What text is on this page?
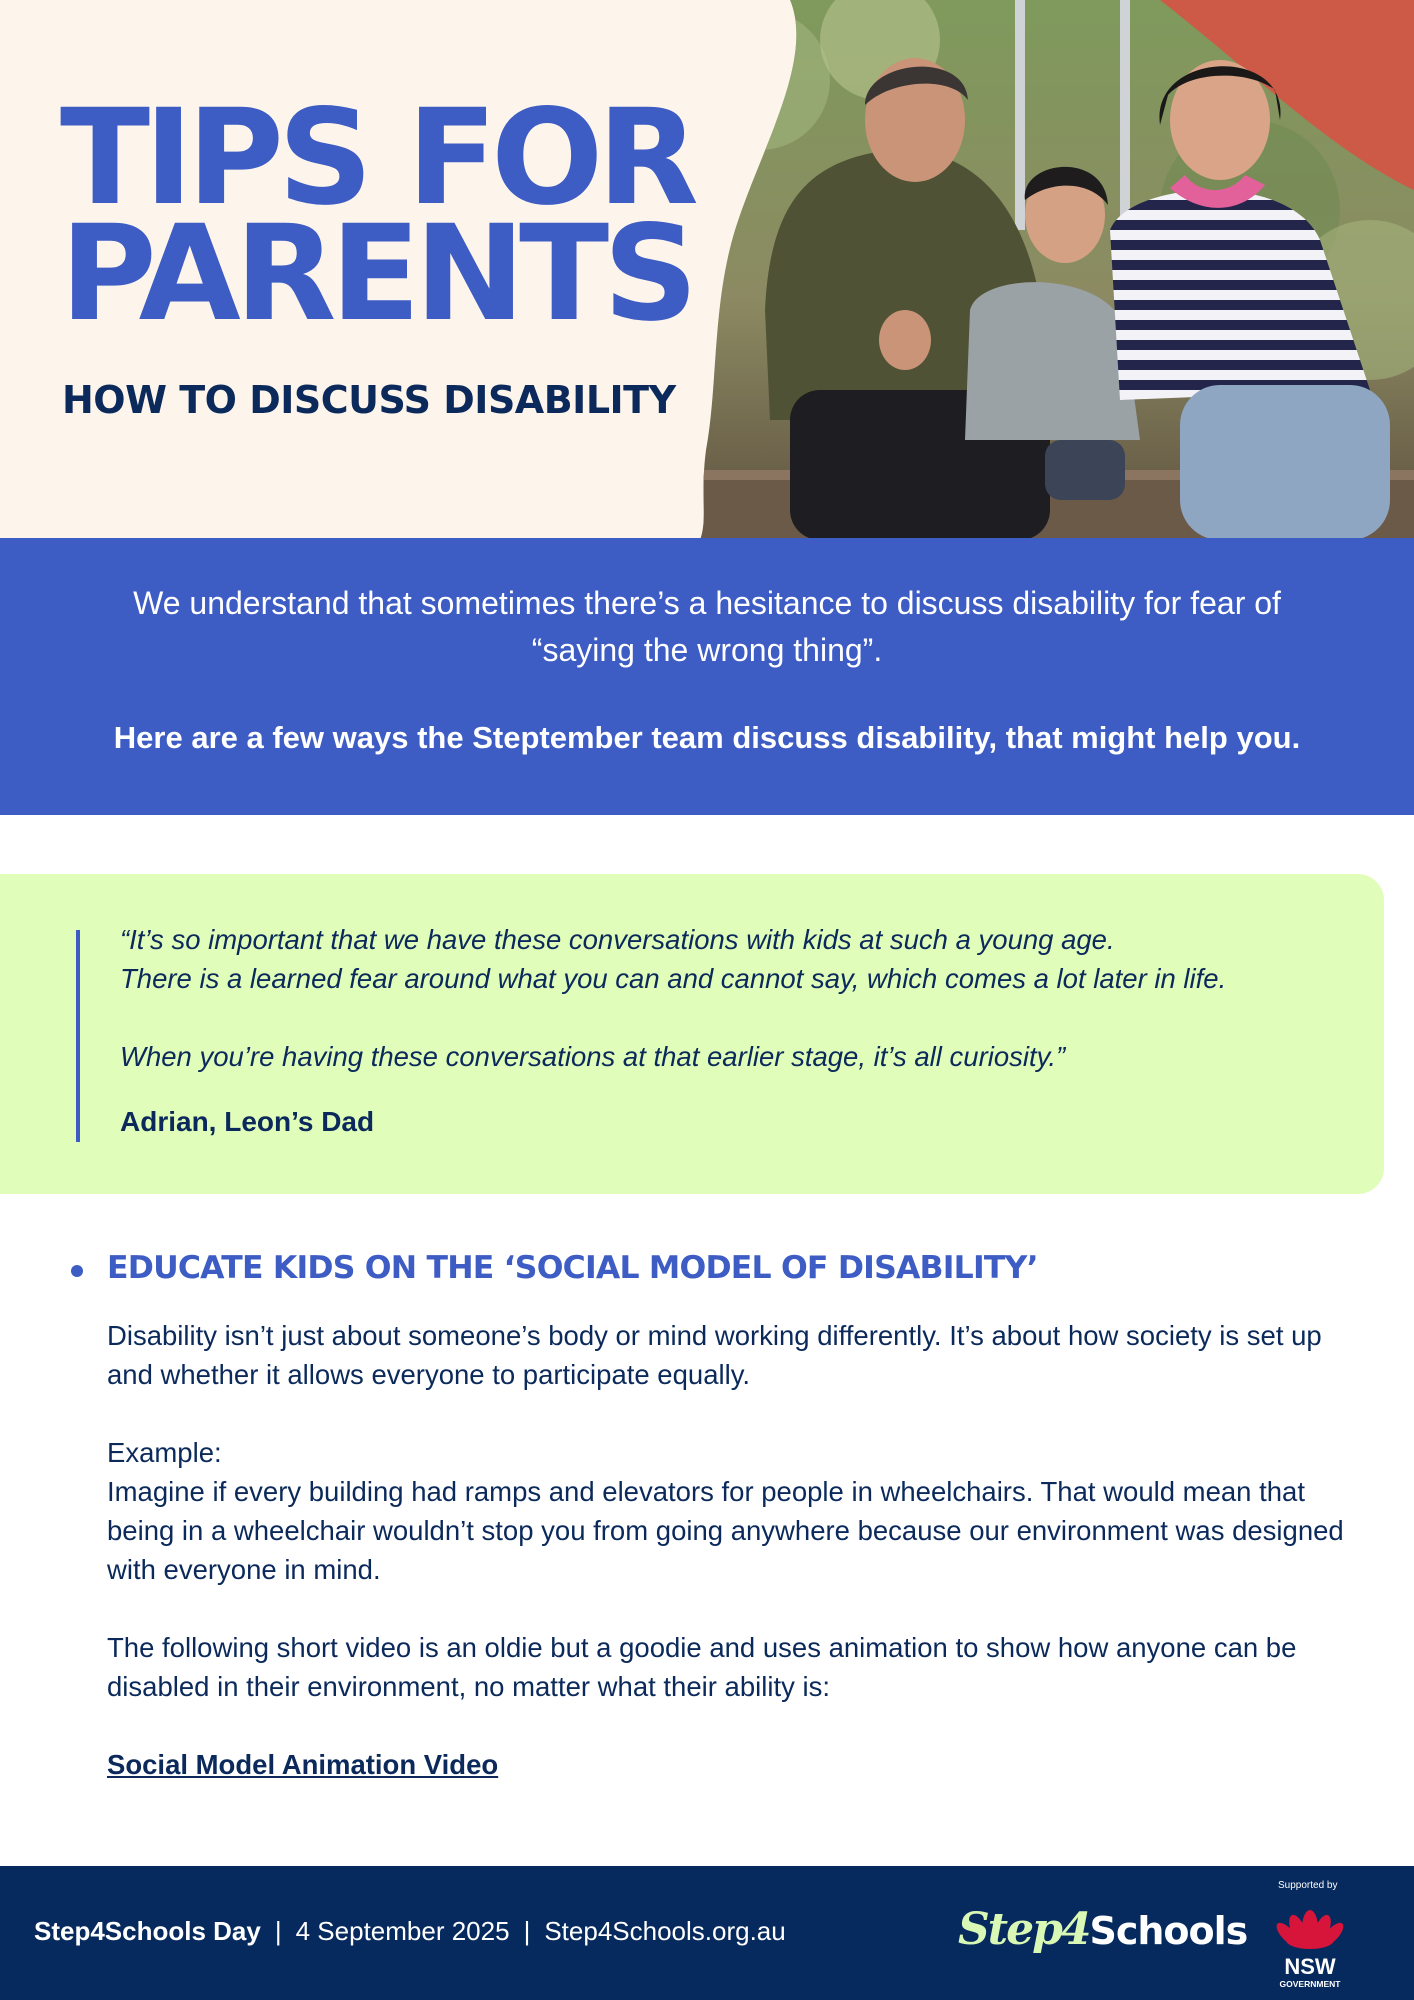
TIPS FOR
PARENTS
HOW TO DISCUSS DISABILITY

We understand that sometimes there’s a hesitance to discuss disability for fear of “saying the wrong thing”.

Here are a few ways the Steptember team discuss disability, that might help you.

“It’s so important that we have these conversations with kids at such a young age.
There is a learned fear around what you can and cannot say, which comes a lot later in life.

When you’re having these conversations at that earlier stage, it’s all curiosity.”
Adrian, Leon’s Dad
EDUCATE KIDS ON THE ‘SOCIAL MODEL OF DISABILITY’

Disability isn’t just about someone’s body or mind working differently. It’s about how society is set up and whether it allows everyone to participate equally.

Example:

Imagine if every building had ramps and elevators for people in wheelchairs. That would mean that being in a wheelchair wouldn’t stop you from going anywhere because our environment was designed with everyone in mind.

The following short video is an oldie but a goodie and uses animation to show how anyone can be disabled in their environment, no matter what their ability is:

Social Model Animation Video
Step4Schools Day | 4 September 2025 | Step4Schools.org.au	Step4Schools
Supported by
NSW
GOVERNMENT
